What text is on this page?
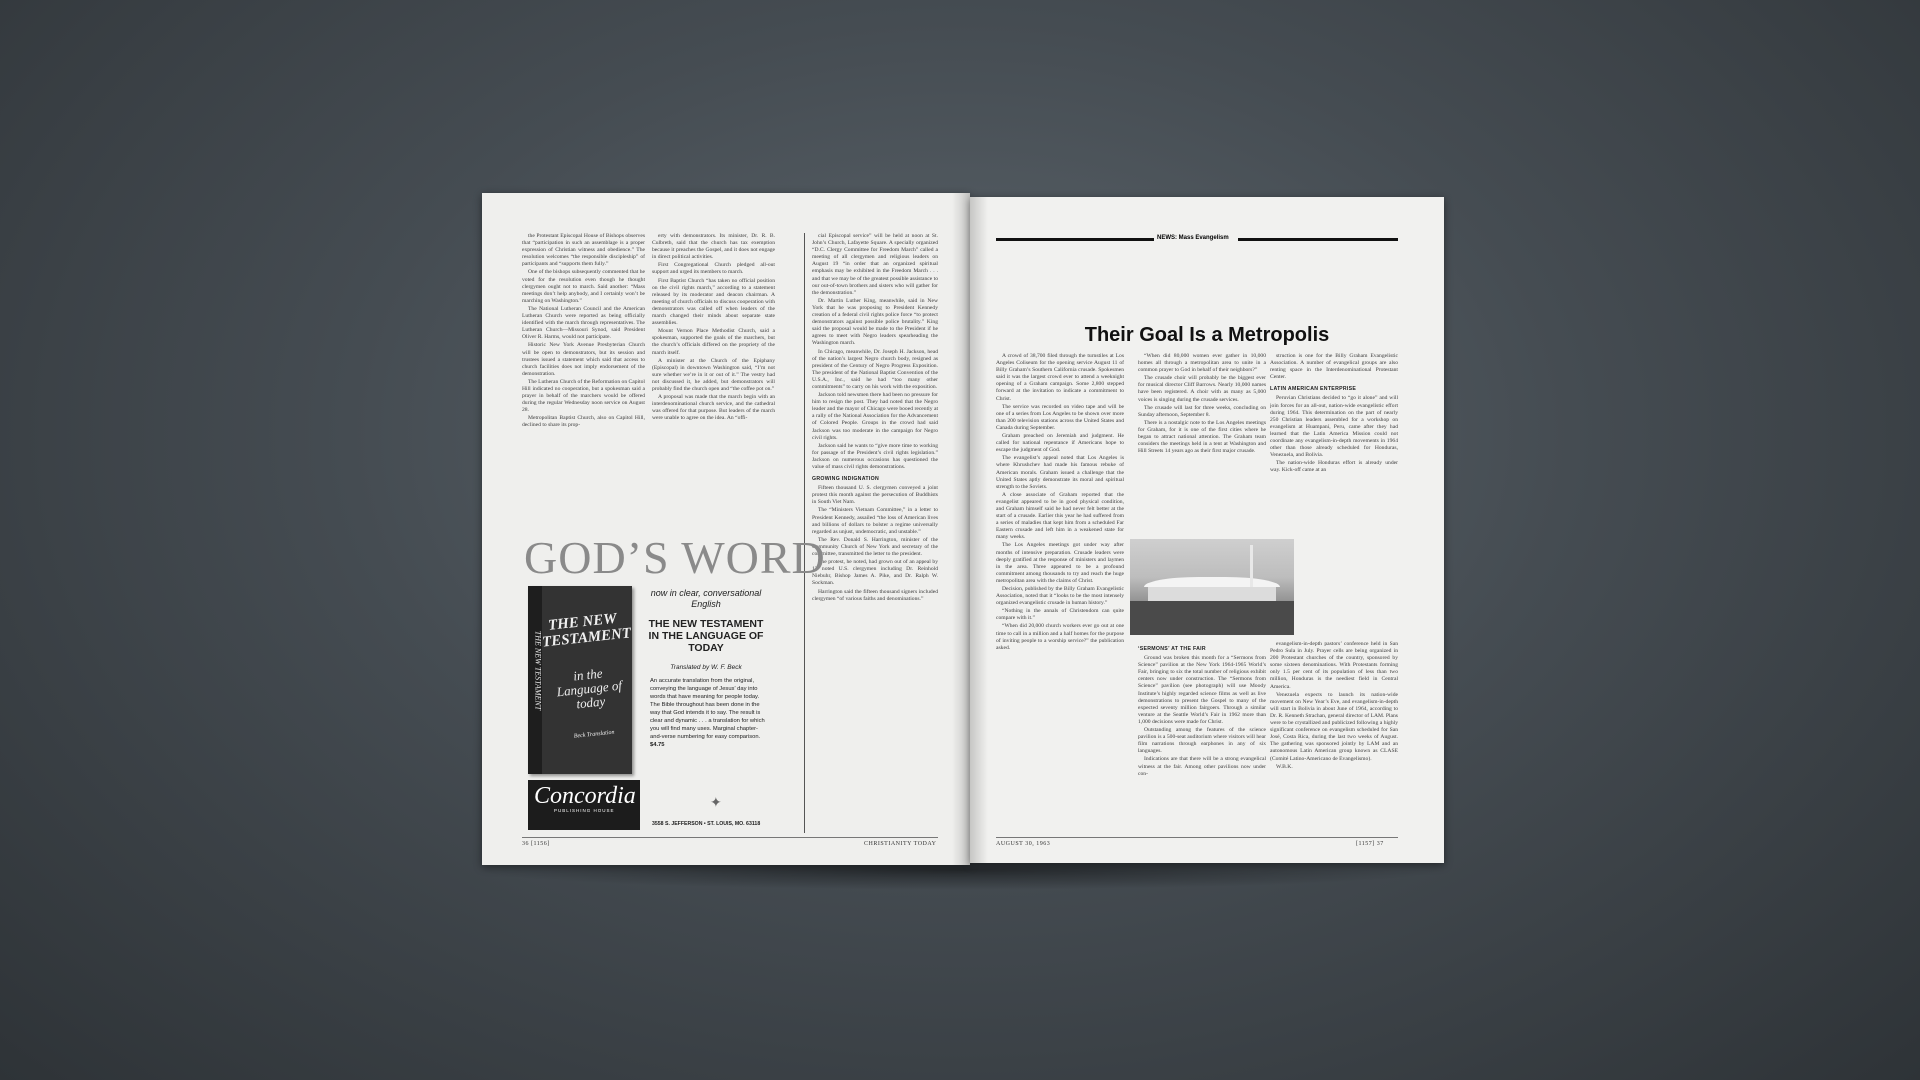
the Protestant Episcopal House of Bishops observes that “participation in such an assemblage is a proper expression of Christian witness and obedience.” The resolution welcomes “the responsible discipleship” of participants and “supports them fully.”

One of the bishops subsequently commented that he voted for the resolution even though he thought clergymen ought not to march. Said another: “Mass meetings don’t help anybody, and I certainly won’t be marching on Washington.”

The National Lutheran Council and the American Lutheran Church were reported as being officially identified with the march through representatives. The Lutheran Church—Missouri Synod, said President Oliver R. Harms, would not participate.

Historic New York Avenue Presbyterian Church will be open to demonstrators, but its session and trustees issued a statement which said that access to church facilities does not imply endorsement of the demonstration.

The Lutheran Church of the Reformation on Capitol Hill indicated no cooperation, but a spokesman said a prayer in behalf of the marchers would be offered during the regular Wednesday noon service on August 28.

Metropolitan Baptist Church, also on Capitol Hill, declined to share its prop-

erty with demonstrators. Its minister, Dr. R. B. Culbreth, said that the church has tax exemption because it preaches the Gospel, and it does not engage in direct political activities.

First Congregational Church pledged all-out support and urged its members to march.

First Baptist Church “has taken no official position on the civil rights march,” according to a statement released by its moderator and deacon chairman. A meeting of church officials to discuss cooperation with demonstrators was called off when leaders of the march changed their minds about separate state assemblies.

Mount Vernon Place Methodist Church, said a spokesman, supported the goals of the marchers, but the church’s officials differed on the propriety of the march itself.

A minister at the Church of the Epiphany (Episcopal) in downtown Washington said, “I’m not sure whether we’re in it or out of it.” The vestry had not discussed it, he added, but demonstrators will probably find the church open and “the coffee pot on.”

A proposal was made that the march begin with an interdenominational church service, and the cathedral was offered for that purpose. But leaders of the march were unable to agree on the idea. An “offi-

cial Episcopal service” will be held at noon at St. John’s Church, Lafayette Square. A specially organized “D.C. Clergy Committee for Freedom March” called a meeting of all clergymen and religious leaders on August 19 “in order that an organized spiritual emphasis may be exhibited in the Freedom March . . . and that we may be of the greatest possible assistance to our out-of-town brothers and sisters who will gather for the demonstration.”

Dr. Martin Luther King, meanwhile, said in New York that he was proposing to President Kennedy creation of a federal civil rights police force “to protect demonstrators against possible police brutality.” King said the proposal would be made to the President if he agrees to meet with Negro leaders spearheading the Washington march.

In Chicago, meanwhile, Dr. Joseph H. Jackson, head of the nation’s largest Negro church body, resigned as president of the Century of Negro Progress Exposition. The president of the National Baptist Convention of the U.S.A., Inc., said he had “too many other commitments” to carry on his work with the exposition.

Jackson told newsmen there had been no pressure for him to resign the post. They had noted that the Negro leader and the mayor of Chicago were booed recently at a rally of the National Association for the Advancement of Colored People. Groups in the crowd had said Jackson was too moderate in the campaign for Negro civil rights.

Jackson said he wants to “give more time to working for passage of the President’s civil rights legislation.” Jackson on numerous occasions has questioned the value of mass civil rights demonstrations.

GROWING INDIGNATION

Fifteen thousand U. S. clergymen conveyed a joint protest this month against the persecution of Buddhists in South Viet Nam.

The “Ministers Vietnam Committee,” in a letter to President Kennedy, assailed “the loss of American lives and billions of dollars to bolster a regime universally regarded as unjust, undemocratic, and unstable.”

The Rev. Donald S. Harrington, minister of the Community Church of New York and secretary of the committee, transmitted the letter to the president.

The protest, he noted, had grown out of an appeal by 12 noted U.S. clergymen including Dr. Reinhold Niebuhr, Bishop James A. Pike, and Dr. Ralph W. Sockman.

Harrington said the fifteen thousand signers included clergymen “of various faiths and denominations.”

GOD’S WORD
THE NEW TESTAMENT
THE NEW TESTAMENT
in the Language of today
Beck Translation
Concordia
PUBLISHING HOUSE
now in clear, conversational English
THE NEW TESTAMENT IN THE LANGUAGE OF TODAY
Translated by W. F. Beck
An accurate translation from the original, conveying the language of Jesus’ day into words that have meaning for people today. The Bible throughout has been done in the way that God intends it to say. The result is clear and dynamic . . . a translation for which you will find many uses. Marginal chapter-and-verse numbering for easy comparison. $4.75
✦
3558 S. JEFFERSON • ST. LOUIS, MO. 63118
36 [1156]	CHRISTIANITY TODAY
NEWS: Mass Evangelism
Their Goal Is a Metropolis

A crowd of 38,700 filed through the turnstiles at Los Angeles Coliseum for the opening service August 11 of Billy Graham’s Southern California crusade. Spokesmen said it was the largest crowd ever to attend a weeknight opening of a Graham campaign. Some 2,800 stepped forward at the invitation to indicate a commitment to Christ.

The service was recorded on video tape and will be one of a series from Los Angeles to be shown over more than 200 television stations across the United States and Canada during September.

Graham preached on Jeremiah and judgment. He called for national repentance if Americans hope to escape the judgment of God.

The evangelist’s appeal noted that Los Angeles is where Khrushchev had made his famous rebuke of American morals. Graham issued a challenge that the United States aptly demonstrate its moral and spiritual strength to the Soviets.

A close associate of Graham reported that the evangelist appeared to be in good physical condition, and Graham himself said he had never felt better at the start of a crusade. Earlier this year he had suffered from a series of maladies that kept him from a scheduled Far Eastern crusade and left him in a weakened state for many weeks.

The Los Angeles meetings got under way after months of intensive preparation. Crusade leaders were deeply gratified at the response of ministers and laymen in the area. Three appeared to be a profound commitment among thousands to try and reach the huge metropolitan area with the claims of Christ.

Decision, published by the Billy Graham Evangelistic Association, noted that it “looks to be the most intensely organized evangelistic crusade in human history.”

“Nothing in the annals of Christendom can quite compare with it.”

“When did 20,000 church workers ever go out at one time to call in a million and a half homes for the purpose of inviting people to a worship service?” the publication asked.

“When did 80,000 women ever gather in 10,000 homes all through a metropolitan area to unite in a common prayer to God in behalf of their neighbors?”

The crusade choir will probably be the biggest ever for musical director Cliff Barrows. Nearly 10,000 names have been registered. A choir with as many as 5,000 voices is singing during the crusade services.

The crusade will last for three weeks, concluding on Sunday afternoon, September 8.

There is a nostalgic note to the Los Angeles meetings for Graham, for it is one of the first cities where he began to attract national attention. The Graham team considers the meetings held in a tent at Washington and Hill Streets 14 years ago as their first major crusade.

struction is one for the Billy Graham Evangelistic Association. A number of evangelical groups are also renting space in the Interdenominational Protestant Center.

LATIN AMERICAN ENTERPRISE

Peruvian Christians decided to “go it alone” and will join forces for an all-out, nation-wide evangelistic effort during 1964. This determination on the part of nearly 250 Christian leaders assembled for a workshop on evangelism at Huampaní, Peru, came after they had learned that the Latin America Mission could not coordinate any evangelism-in-depth movements in 1964 other than those already scheduled for Honduras, Venezuela, and Bolivia.

The nation-wide Honduras effort is already under way. Kick-off came at an

‘SERMONS’ AT THE FAIR

Ground was broken this month for a “Sermons from Science” pavilion at the New York 1964-1965 World’s Fair, bringing to six the total number of religious exhibit centers now under construction. The “Sermons from Science” pavilion (see photograph) will use Moody Institute’s highly regarded science films as well as live demonstrations to present the Gospel to many of the expected seventy million fairgoers. Through a similar venture at the Seattle World’s Fair in 1962 more than 1,000 decisions were made for Christ.

Outstanding among the features of the science pavilion is a 500-seat auditorium where visitors will hear film narrations through earphones in any of six languages.

Indications are that there will be a strong evangelical witness at the fair. Among other pavilions now under con-

evangelism-in-depth pastors’ conference held in San Pedro Sula in July. Prayer cells are being organized in 200 Protestant churches of the country, sponsored by some sixteen denominations. With Protestants forming only 1.5 per cent of its population of less than two million, Honduras is the neediest field in Central America.

Venezuela expects to launch its nation-wide movement on New Year’s Eve, and evangelism-in-depth will start in Bolivia in about June of 1964, according to Dr. R. Kenneth Strachan, general director of LAM. Plans were to be crystallized and publicized following a highly significant conference on evangelism scheduled for San José, Costa Rica, during the last two weeks of August. The gathering was sponsored jointly by LAM and an autonomous Latin American group known as CLASE (Comité Latino-Americano de Evangelismo).

W.B.K.

AUGUST 30, 1963	[1157] 37
